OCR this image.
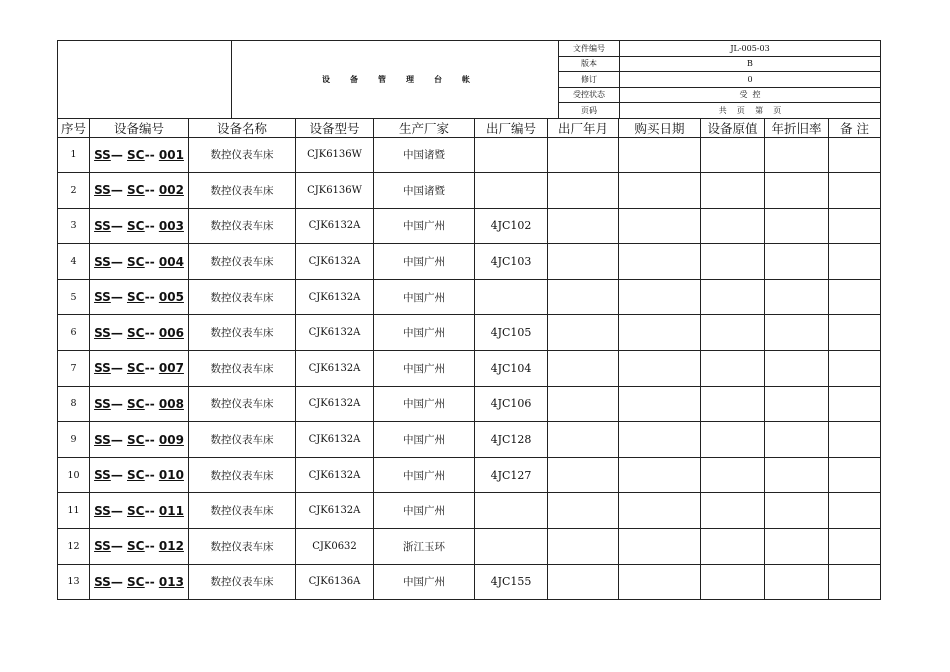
	设备管理台帐	文件编号	JL-005-03
		版本	B
		修订	0
		受控状态	受  控
		页码	共    页    第    页
序号	设备编号	设备名称	设备型号	生产厂家	出厂编号	出厂年月	购买日期	设备原值	年折旧率	备 注
1	SS— SC-- 001	数控仪表车床	CJK6136W	中国诸暨						
2	SS— SC-- 002	数控仪表车床	CJK6136W	中国诸暨						
3	SS— SC-- 003	数控仪表车床	CJK6132A	中国广州	4JC102					
4	SS— SC-- 004	数控仪表车床	CJK6132A	中国广州	4JC103					
5	SS— SC-- 005	数控仪表车床	CJK6132A	中国广州						
6	SS— SC-- 006	数控仪表车床	CJK6132A	中国广州	4JC105					
7	SS— SC-- 007	数控仪表车床	CJK6132A	中国广州	4JC104					
8	SS— SC-- 008	数控仪表车床	CJK6132A	中国广州	4JC106					
9	SS— SC-- 009	数控仪表车床	CJK6132A	中国广州	4JC128					
10	SS— SC-- 010	数控仪表车床	CJK6132A	中国广州	4JC127					
11	SS— SC-- 011	数控仪表车床	CJK6132A	中国广州						
12	SS— SC-- 012	数控仪表车床	CJK0632	浙江玉环						
13	SS— SC-- 013	数控仪表车床	CJK6136A	中国广州	4JC155					
